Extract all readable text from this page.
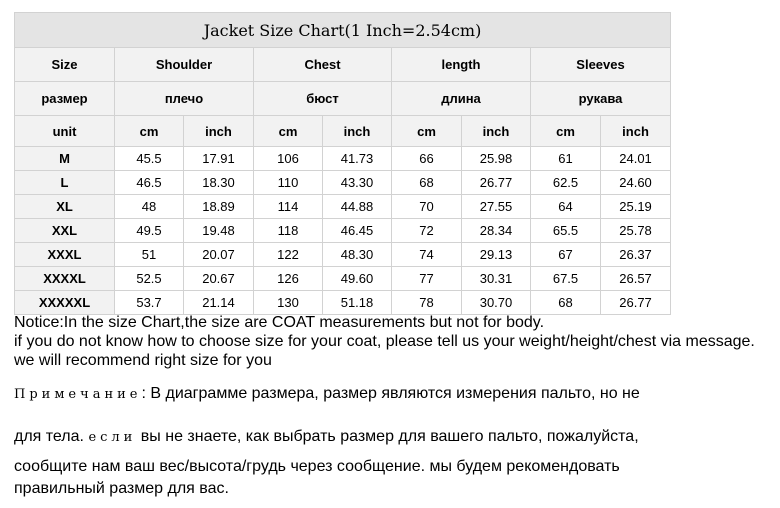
Jacket Size Chart(1 Inch=2.54cm)								
Size	Shoulder		Chest		length		Sleeves	
размер	плечо		бюст		длина		рукава	
unit	cm	inch	cm	inch	cm	inch	cm	inch
M	45.5	17.91	106	41.73	66	25.98	61	24.01
L	46.5	18.30	110	43.30	68	26.77	62.5	24.60
XL	48	18.89	114	44.88	70	27.55	64	25.19
XXL	49.5	19.48	118	46.45	72	28.34	65.5	25.78
XXXL	51	20.07	122	48.30	74	29.13	67	26.37
XXXXL	52.5	20.67	126	49.60	77	30.31	67.5	26.57
XXXXXL	53.7	21.14	130	51.18	78	30.70	68	26.77

Notice:In the size Chart,the size are COAT measurements but not for body.

if you do not know how to choose size for your coat, please tell us your weight/height/chest via message. we will recommend right size for you

Примечание: В диаграмме размера, размер являются измерения пальто, но не

для тела. если вы не знаете, как выбрать размер для вашего пальто, пожалуйста,

сообщите нам ваш вес/высота/грудь через сообщение. мы будем рекомендовать

правильный размер для вас.
